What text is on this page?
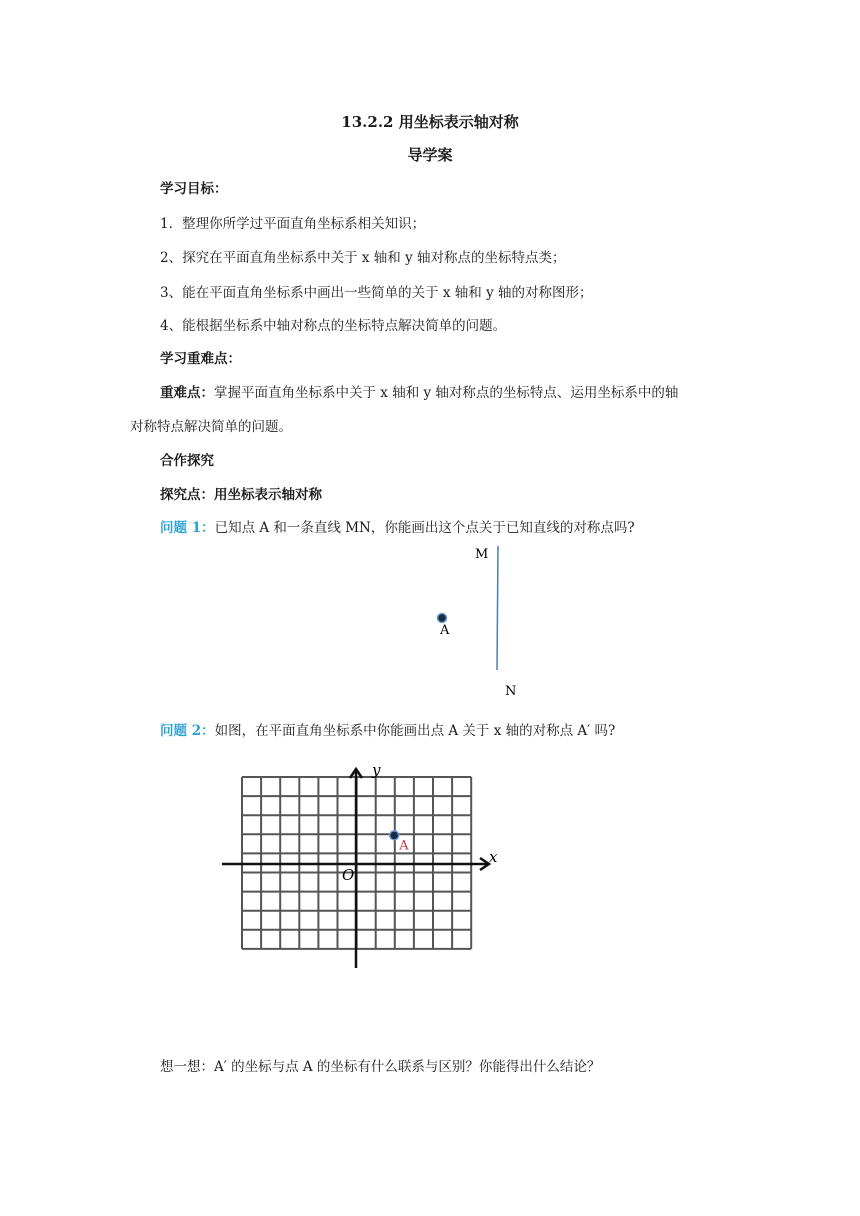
13.2.2 用坐标表示轴对称
导学案
学习目标：
1．整理你所学过平面直角坐标系相关知识；
2、探究在平面直角坐标系中关于 x 轴和 y 轴对称点的坐标特点类；
3、能在平面直角坐标系中画出一些简单的关于 x 轴和 y 轴的对称图形；
4、能根据坐标系中轴对称点的坐标特点解决简单的问题。
学习重难点：
重难点：掌握平面直角坐标系中关于 x 轴和 y 轴对称点的坐标特点、运用坐标系中的轴
对称特点解决简单的问题。
合作探究
探究点：用坐标表示轴对称
问题 1：已知点 A 和一条直线 MN，你能画出这个点关于已知直线的对称点吗?
M
N
A
x
y
O
A
问题 2：如图，在平面直角坐标系中你能画出点 A 关于 x 轴的对称点 A′ 吗?
想一想：A′ 的坐标与点 A 的坐标有什么联系与区别？你能得出什么结论？
